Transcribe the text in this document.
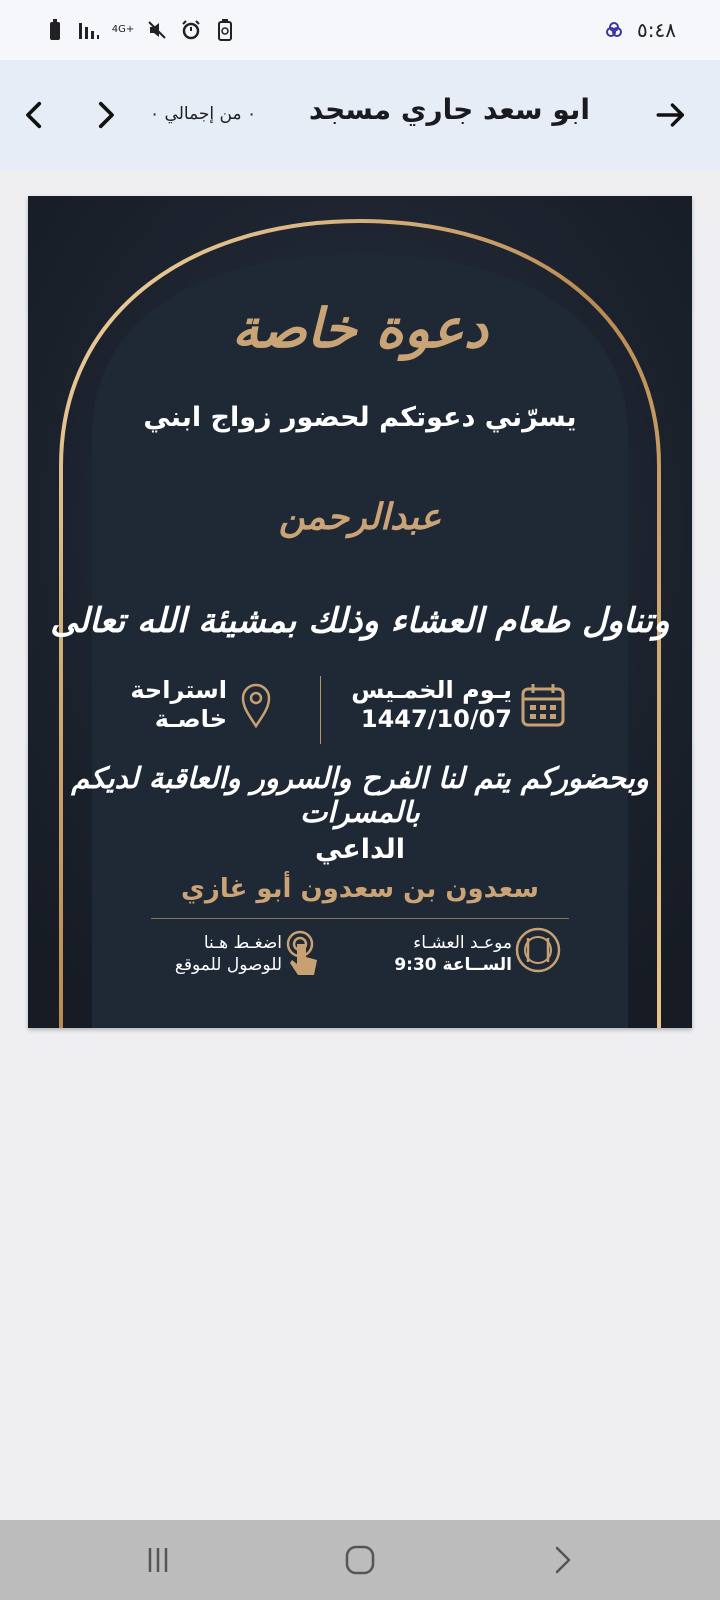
4G+	٥:٤٨
٠ من إجمالي ٠ ابو سعد جاري مسجد
دعوة خاصة
يسرّني دعوتكم لحضور زواج ابني
عبدالرحمن
وتناول طعام العشاء وذلك بمشيئة الله تعالى
يـوم الخمـيس
1447/10/07
استراحة
خاصـة
وبحضوركم يتم لنا الفرح والسرور والعاقبة لديكم بالمسرات
الداعي
سعدون بن سعدون أبو غازي
موعـد العشـاء
الســاعة 9:30
اضغـط هـنا
للوصول للموقع
